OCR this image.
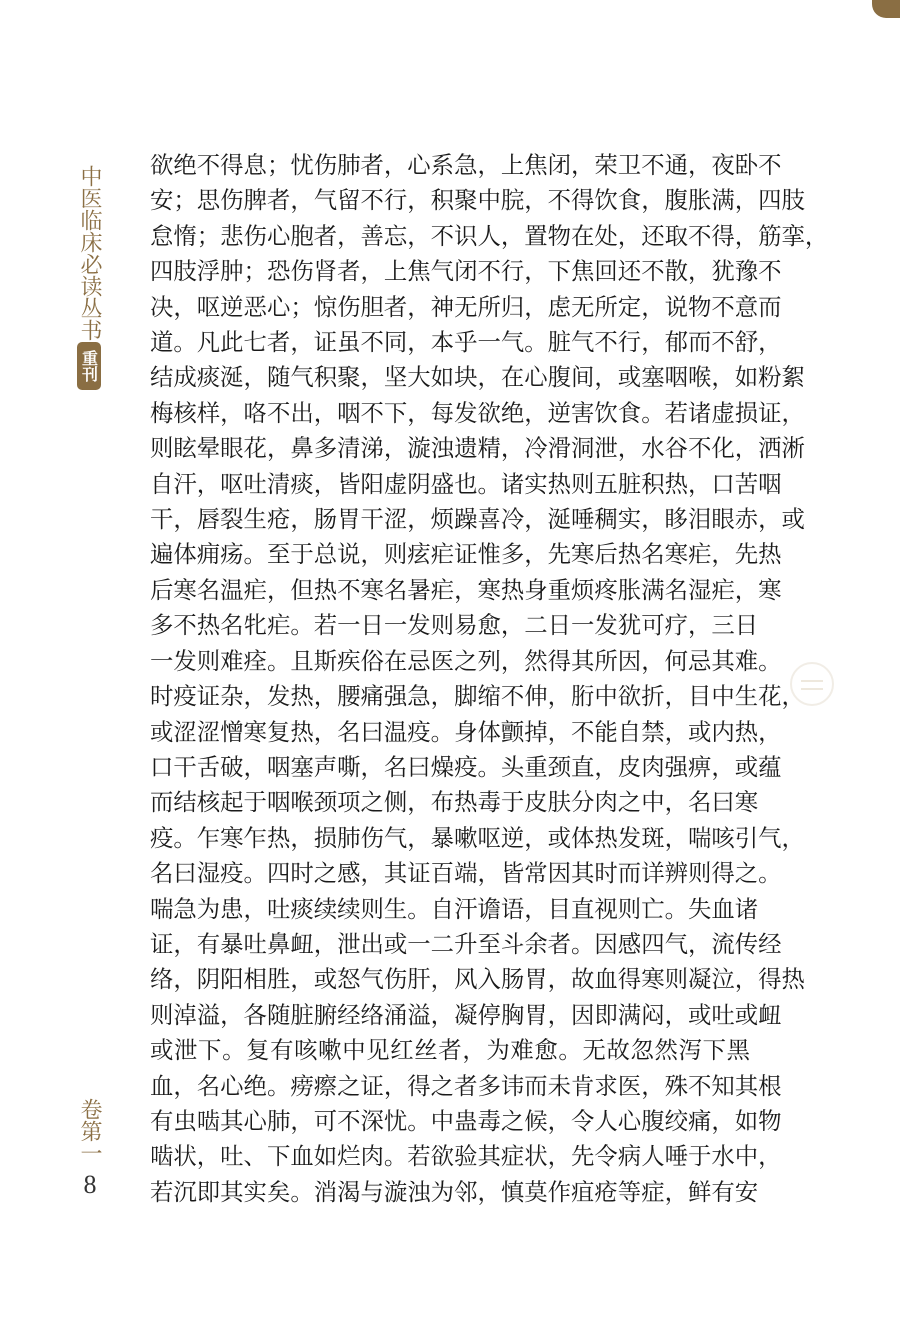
中医临床必读丛书
重刊
欲绝不得息；忧伤肺者，心系急，上焦闭，荣卫不通，夜卧不
安；思伤脾者，气留不行，积聚中脘，不得饮食，腹胀满，四肢
怠惰；悲伤心胞者，善忘，不识人，置物在处，还取不得，筋挛，
四肢浮肿；恐伤肾者，上焦气闭不行，下焦回还不散，犹豫不
决，呕逆恶心；惊伤胆者，神无所归，虑无所定，说物不意而
道。凡此七者，证虽不同，本乎一气。脏气不行，郁而不舒，
结成痰涎，随气积聚，坚大如块，在心腹间，或塞咽喉，如粉絮
梅核样，咯不出，咽不下，每发欲绝，逆害饮食。若诸虚损证，
则眩晕眼花，鼻多清涕，漩浊遗精，冷滑洞泄，水谷不化，洒淅
自汗，呕吐清痰，皆阳虚阴盛也。诸实热则五脏积热，口苦咽
干，唇裂生疮，肠胃干涩，烦躁喜冷，涎唾稠实，眵泪眼赤，或
遍体痈疡。至于总说，则痃疟证惟多，先寒后热名寒疟，先热
后寒名温疟，但热不寒名暑疟，寒热身重烦疼胀满名湿疟，寒
多不热名牝疟。若一日一发则易愈，二日一发犹可疗，三日
一发则难痊。且斯疾俗在忌医之列，然得其所因，何忌其难。
时疫证杂，发热，腰痛强急，脚缩不伸，胻中欲折，目中生花，
或涩涩憎寒复热，名曰温疫。身体颤掉，不能自禁，或内热，
口干舌破，咽塞声嘶，名曰燥疫。头重颈直，皮肉强痹，或蕴
而结核起于咽喉颈项之侧，布热毒于皮肤分肉之中，名曰寒
疫。乍寒乍热，损肺伤气，暴嗽呕逆，或体热发斑，喘咳引气，
名曰湿疫。四时之感，其证百端，皆常因其时而详辨则得之。
喘急为患，吐痰续续则生。自汗谵语，目直视则亡。失血诸
证，有暴吐鼻衄，泄出或一二升至斗余者。因感四气，流传经
络，阴阳相胜，或怒气伤肝，风入肠胃，故血得寒则凝泣，得热
则淖溢，各随脏腑经络涌溢，凝停胸胃，因即满闷，或吐或衄
或泄下。复有咳嗽中见红丝者，为难愈。无故忽然泻下黑
血，名心绝。痨瘵之证，得之者多讳而未肯求医，殊不知其根
有虫啮其心肺，可不深忧。中蛊毒之候，令人心腹绞痛，如物
啮状，吐、下血如烂肉。若欲验其症状，先令病人唾于水中，
若沉即其实矣。消渴与漩浊为邻，慎莫作疽疮等症，鲜有安
卷第一
8
